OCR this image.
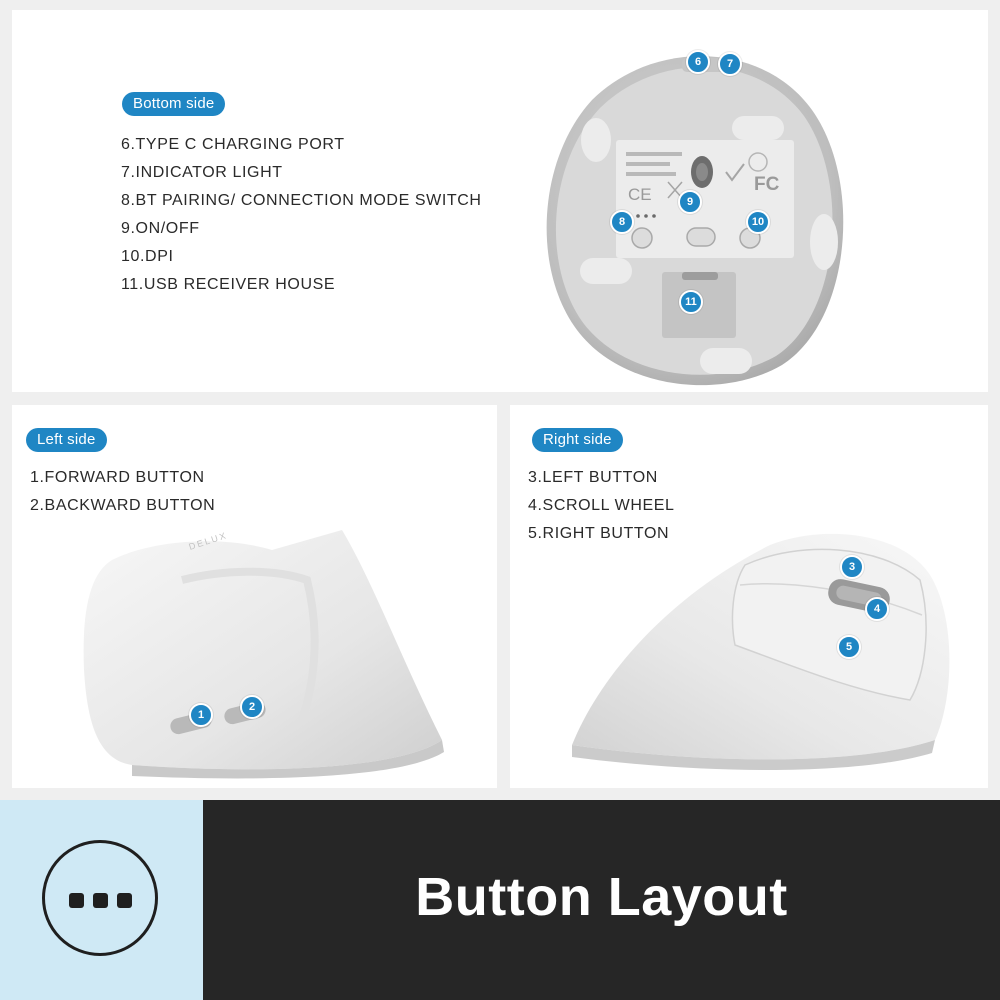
Bottom side
6.TYPE C CHARGING PORT
7.INDICATOR LIGHT
8.BT PAIRING/ CONNECTION MODE SWITCH
9.ON/OFF
10.DPI
11.USB RECEIVER HOUSE
CE	FC
6	7
8
9
10
11
Left side
1.FORWARD BUTTON
2.BACKWARD BUTTON
DELUX
1
2
Right side
3.LEFT BUTTON
4.SCROLL WHEEL
5.RIGHT BUTTON
3
4
5
Button Layout
